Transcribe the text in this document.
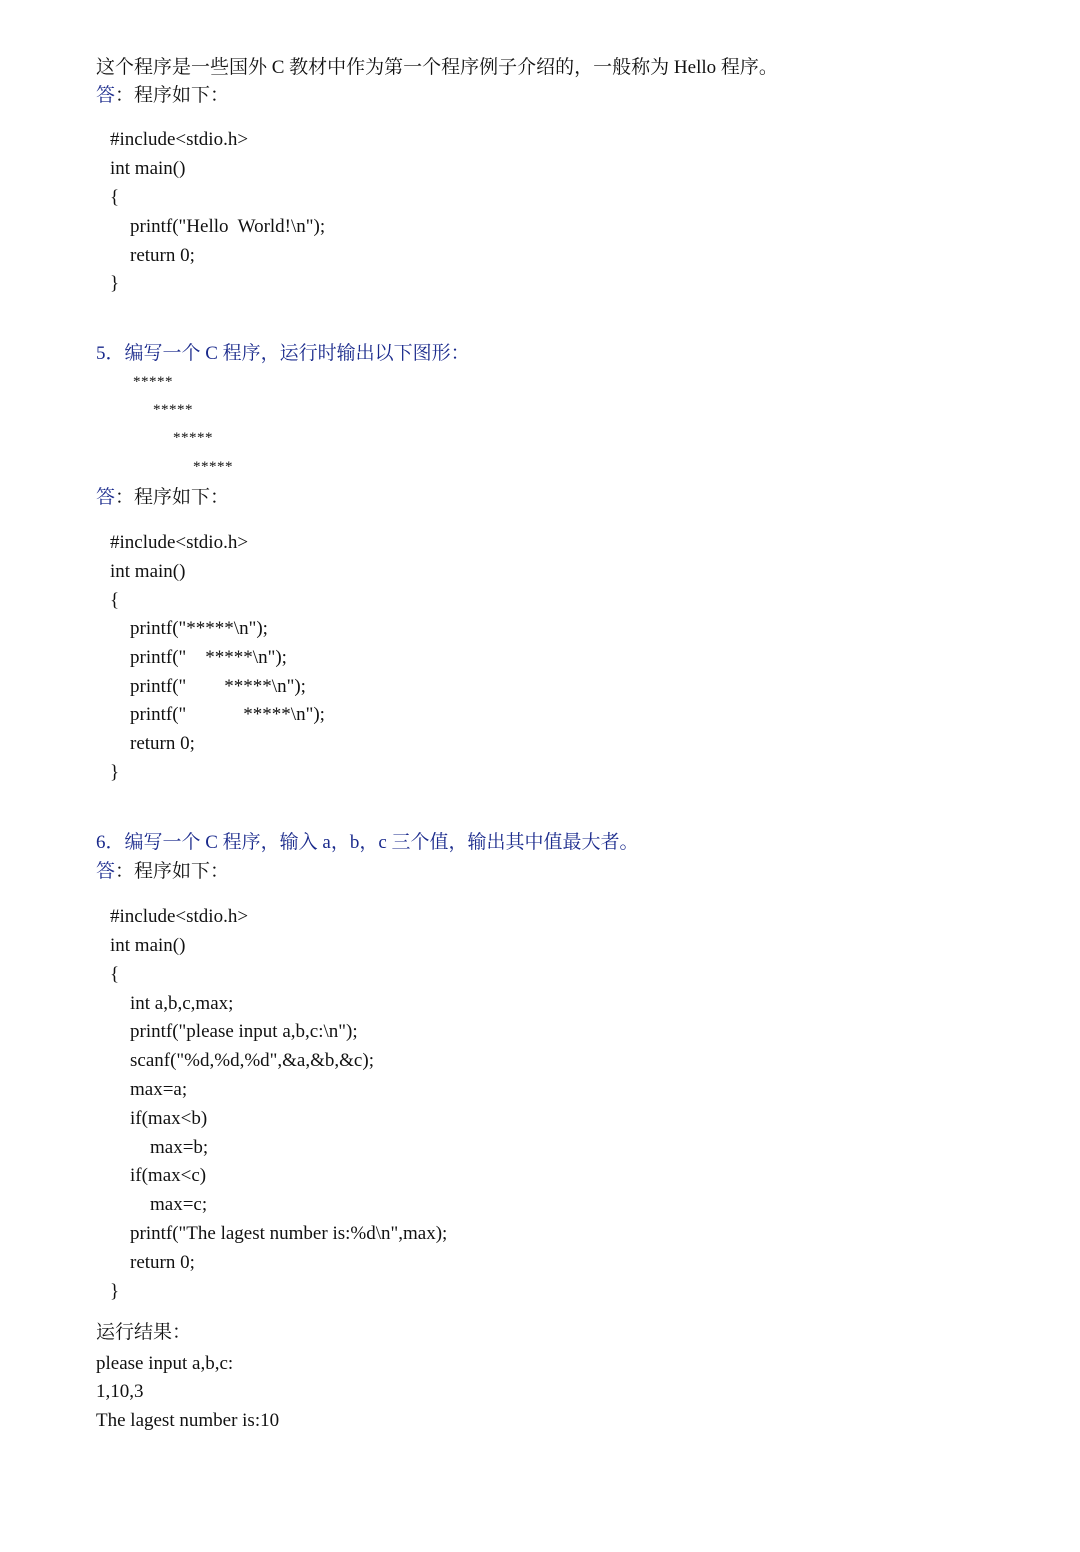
这个程序是一些国外 C 教材中作为第一个程序例子介绍的，一般称为 Hello 程序。

答：程序如下：

#include<stdio.h>

int main()

{

printf("Hello  World!\n");

return 0;

}

5．编写一个 C 程序，运行时输出以下图形：

*****

*****

*****

*****

答：程序如下：

#include<stdio.h>

int main()

{

printf("*****\n");

printf("    *****\n");

printf("        *****\n");

printf("            *****\n");

return 0;

}

6．编写一个 C 程序，输入 a，b，c 三个值，输出其中值最大者。

答：程序如下：

#include<stdio.h>

int main()

{

int a,b,c,max;

printf("please input a,b,c:\n");

scanf("%d,%d,%d",&a,&b,&c);

max=a;

if(max<b)

max=b;

if(max<c)

max=c;

printf("The lagest number is:%d\n",max);

return 0;

}

运行结果：

please input a,b,c:

1,10,3

The lagest number is:10
